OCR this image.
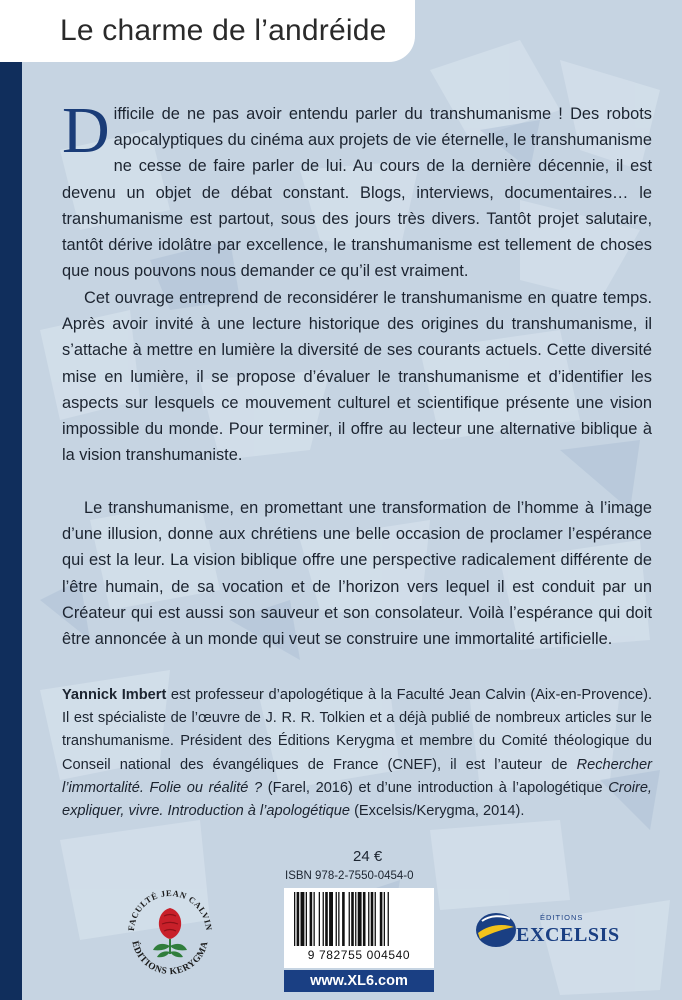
Le charme de l’andréide

Difficile de ne pas avoir entendu parler du transhumanisme ! Des robots apocalyptiques du cinéma aux projets de vie éternelle, le transhumanisme ne cesse de faire parler de lui. Au cours de la dernière décennie, il est devenu un objet de débat constant. Blogs, interviews, documentaires… le transhumanisme est partout, sous des jours très divers. Tantôt projet salutaire, tantôt dérive idolâtre par excellence, le transhumanisme est tellement de choses que nous pouvons nous demander ce qu’il est vraiment.

Cet ouvrage entreprend de reconsidérer le transhumanisme en quatre temps. Après avoir invité à une lecture historique des origines du transhumanisme, il s’attache à mettre en lumière la diversité de ses courants actuels. Cette diversité mise en lumière, il se propose d’évaluer le transhumanisme et d’identifier les aspects sur lesquels ce mouvement culturel et scientifique présente une vision impossible du monde. Pour terminer, il offre au lecteur une alternative biblique à la vision transhumaniste.

Le transhumanisme, en promettant une transformation de l’homme à l’image d’une illusion, donne aux chrétiens une belle occasion de proclamer l’espérance qui est la leur. La vision biblique offre une perspective radicalement différente de l’être humain, de sa vocation et de l’horizon vers lequel il est conduit par un Créateur qui est aussi son sauveur et son consolateur. Voilà l’espérance qui doit être annoncée à un monde qui veut se construire une immortalité artificielle.

Yannick Imbert est professeur d’apologétique à la Faculté Jean Calvin (Aix-en-Provence). Il est spécialiste de l’œuvre de J. R. R. Tolkien et a déjà publié de nombreux articles sur le transhumanisme. Président des Éditions Kerygma et membre du Comité théologique du Conseil national des évangéliques de France (CNEF), il est l’auteur de Rechercher l’immortalité. Folie ou réalité ? (Farel, 2016) et d’une introduction à l’apologétique Croire, expliquer, vivre. Introduction à l’apologétique (Excelsis/Kerygma, 2014).
24 €
ISBN 978-2-7550-0454-0
9 782755 004540
www.XL6.com
FACULTÉ JEAN CALVIN
ÉDITIONS KERYGMA
ÉDITIONS
EXCELSIS
